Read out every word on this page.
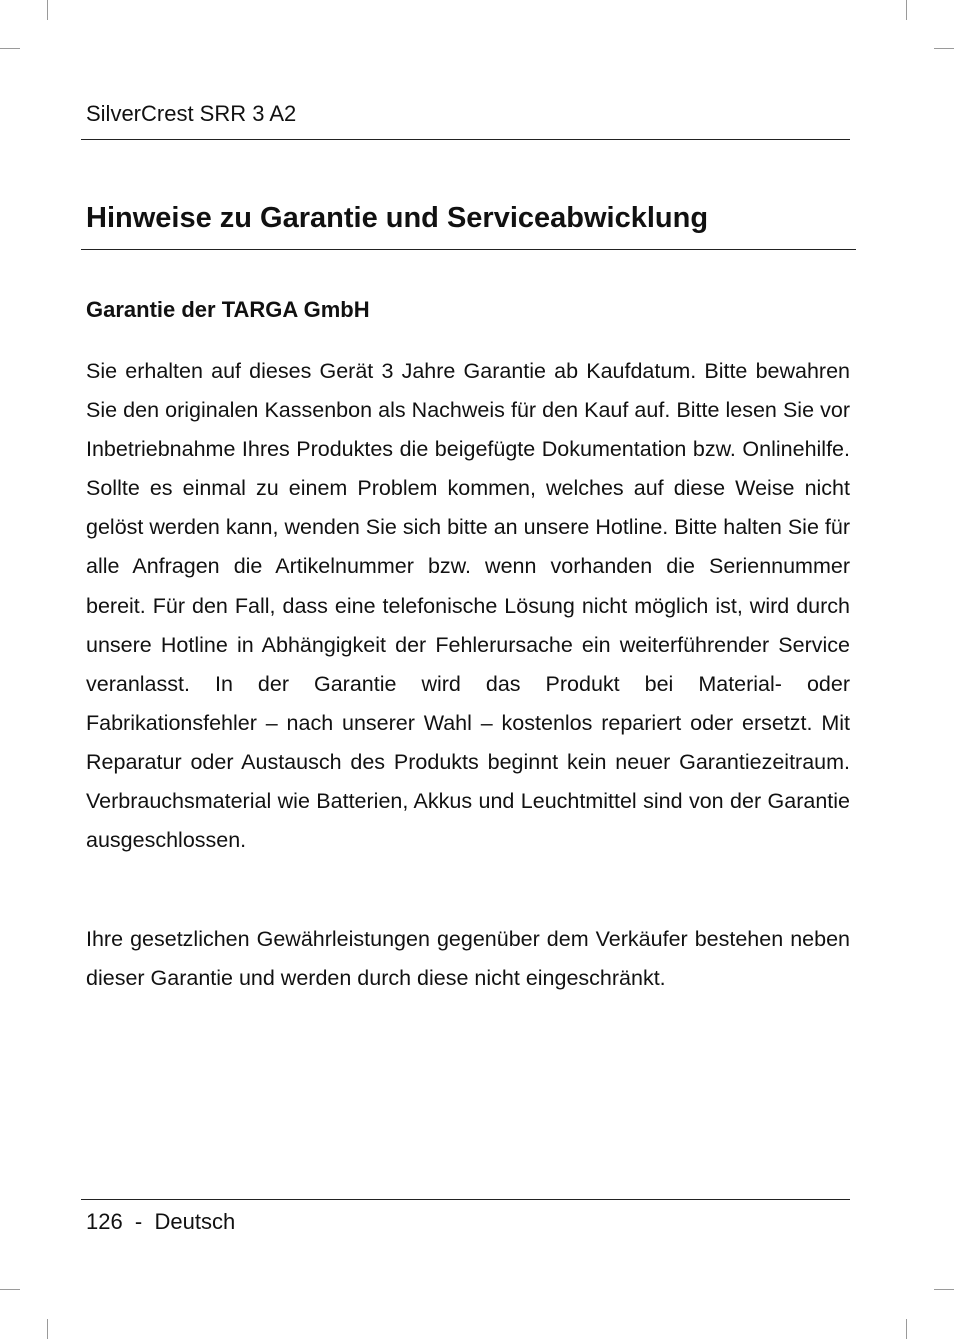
SilverCrest SRR 3 A2
Hinweise zu Garantie und Serviceabwicklung
Garantie der TARGA GmbH

Sie erhalten auf dieses Gerät 3 Jahre Garantie ab Kaufdatum. Bitte bewahren Sie den originalen Kassenbon als Nachweis für den Kauf auf. Bitte lesen Sie vor Inbetriebnahme Ihres Produktes die beigefügte Dokumentation bzw. Onlinehilfe. Sollte es einmal zu einem Problem kommen, welches auf diese Weise nicht gelöst werden kann, wenden Sie sich bitte an unsere Hotline. Bitte halten Sie für alle Anfragen die Artikelnummer bzw. wenn vorhanden die Seriennummer bereit. Für den Fall, dass eine telefonische Lösung nicht möglich ist, wird durch unsere Hotline in Abhängigkeit der Fehlerursache ein weiterführender Service veranlasst. In der Garantie wird das Produkt bei Material- oder Fabrikationsfehler – nach unserer Wahl – kostenlos repariert oder ersetzt. Mit Reparatur oder Austausch des Produkts beginnt kein neuer Garantiezeitraum. Verbrauchsmaterial wie Batterien, Akkus und Leuchtmittel sind von der Garantie ausgeschlossen.

Ihre gesetzlichen Gewährleistungen gegenüber dem Verkäufer bestehen neben dieser Garantie und werden durch diese nicht eingeschränkt.

126  -  Deutsch
